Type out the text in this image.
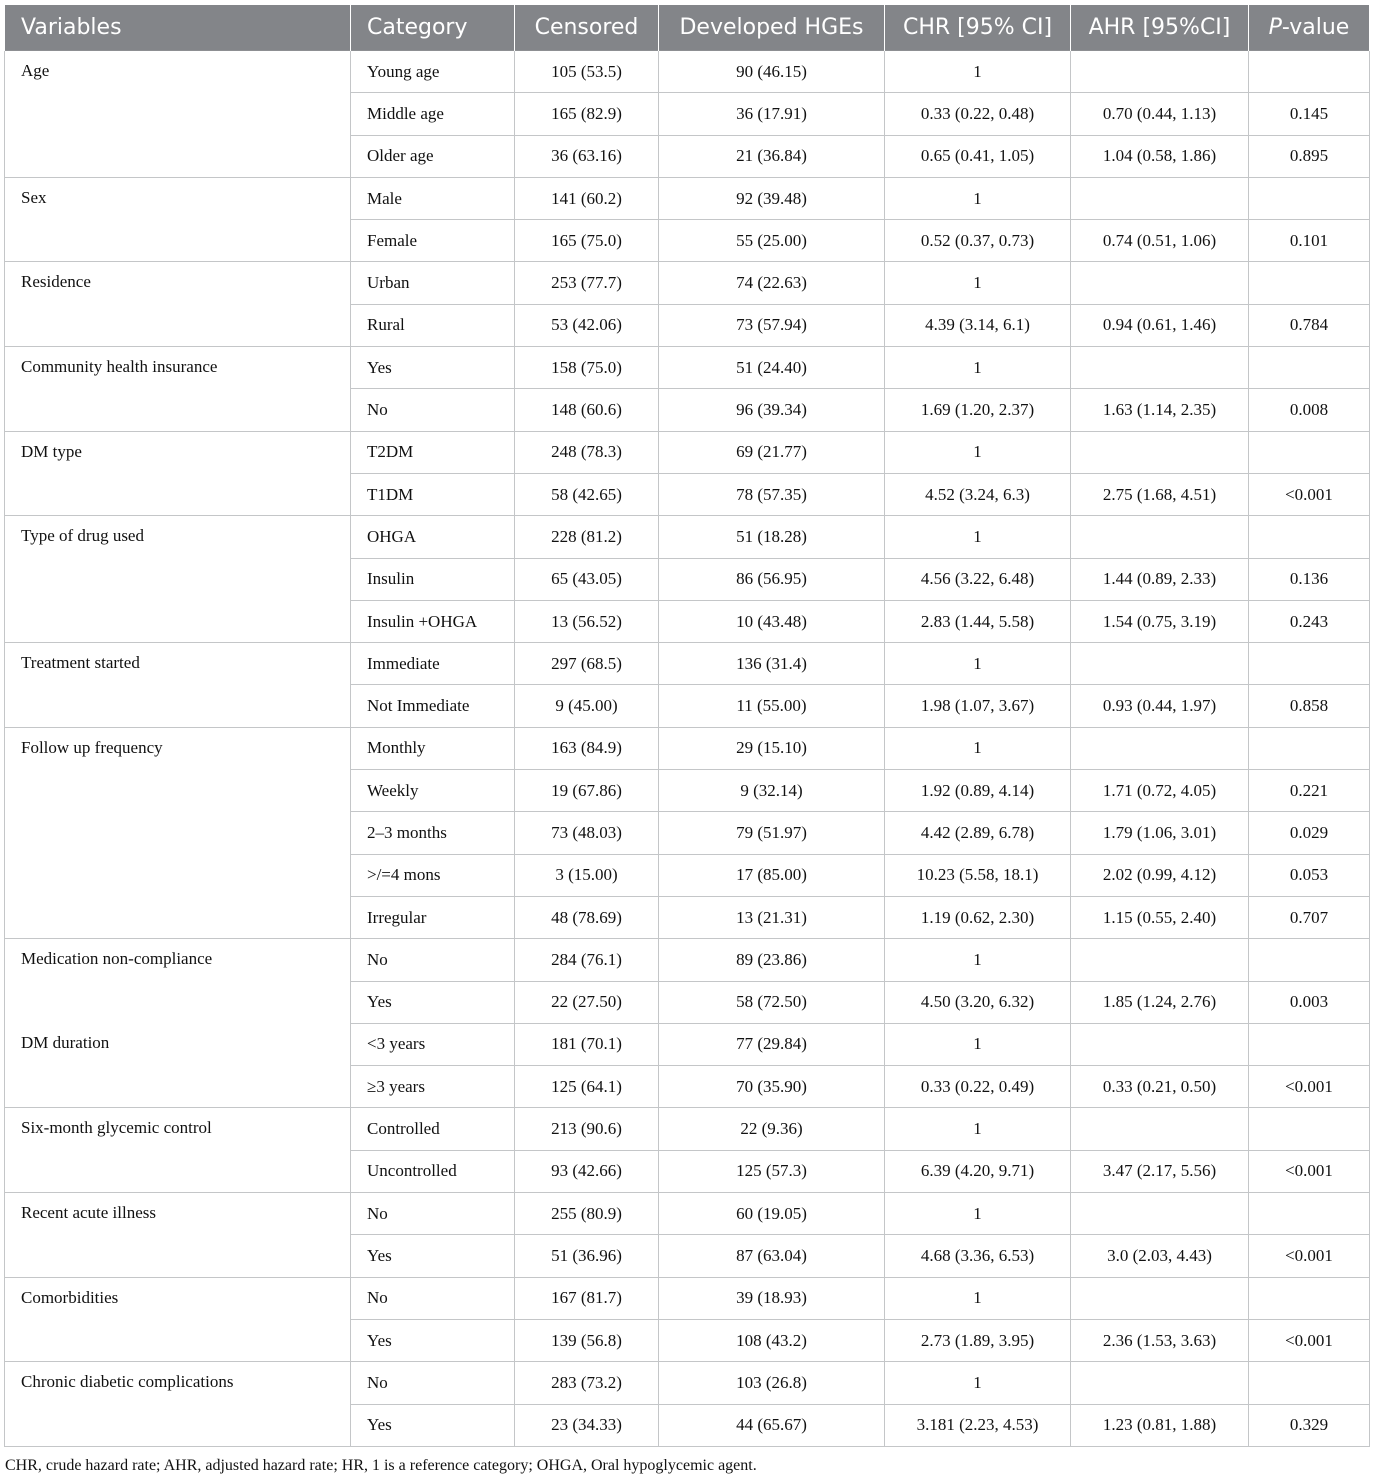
Variables	Category	Censored	Developed HGEs	CHR [95% CI]	AHR [95%CI]	P-value
Age	Young age	105 (53.5)	90 (46.15)	1		
	Middle age	165 (82.9)	36 (17.91)	0.33 (0.22, 0.48)	0.70 (0.44, 1.13)	0.145
	Older age	36 (63.16)	21 (36.84)	0.65 (0.41, 1.05)	1.04 (0.58, 1.86)	0.895
Sex	Male	141 (60.2)	92 (39.48)	1		
	Female	165 (75.0)	55 (25.00)	0.52 (0.37, 0.73)	0.74 (0.51, 1.06)	0.101
Residence	Urban	253 (77.7)	74 (22.63)	1		
	Rural	53 (42.06)	73 (57.94)	4.39 (3.14, 6.1)	0.94 (0.61, 1.46)	0.784
Community health insurance	Yes	158 (75.0)	51 (24.40)	1		
	No	148 (60.6)	96 (39.34)	1.69 (1.20, 2.37)	1.63 (1.14, 2.35)	0.008
DM type	T2DM	248 (78.3)	69 (21.77)	1		
	T1DM	58 (42.65)	78 (57.35)	4.52 (3.24, 6.3)	2.75 (1.68, 4.51)	<0.001
Type of drug used	OHGA	228 (81.2)	51 (18.28)	1		
	Insulin	65 (43.05)	86 (56.95)	4.56 (3.22, 6.48)	1.44 (0.89, 2.33)	0.136
	Insulin +OHGA	13 (56.52)	10 (43.48)	2.83 (1.44, 5.58)	1.54 (0.75, 3.19)	0.243
Treatment started	Immediate	297 (68.5)	136 (31.4)	1		
	Not Immediate	9 (45.00)	11 (55.00)	1.98 (1.07, 3.67)	0.93 (0.44, 1.97)	0.858
Follow up frequency	Monthly	163 (84.9)	29 (15.10)	1		
	Weekly	19 (67.86)	9 (32.14)	1.92 (0.89, 4.14)	1.71 (0.72, 4.05)	0.221
	2–3 months	73 (48.03)	79 (51.97)	4.42 (2.89, 6.78)	1.79 (1.06, 3.01)	0.029
	>/=4 mons	3 (15.00)	17 (85.00)	10.23 (5.58, 18.1)	2.02 (0.99, 4.12)	0.053
	Irregular	48 (78.69)	13 (21.31)	1.19 (0.62, 2.30)	1.15 (0.55, 2.40)	0.707
Medication non-compliance	No	284 (76.1)	89 (23.86)	1		
	Yes	22 (27.50)	58 (72.50)	4.50 (3.20, 6.32)	1.85 (1.24, 2.76)	0.003
DM duration	<3 years	181 (70.1)	77 (29.84)	1		
	≥3 years	125 (64.1)	70 (35.90)	0.33 (0.22, 0.49)	0.33 (0.21, 0.50)	<0.001
Six-month glycemic control	Controlled	213 (90.6)	22 (9.36)	1		
	Uncontrolled	93 (42.66)	125 (57.3)	6.39 (4.20, 9.71)	3.47 (2.17, 5.56)	<0.001
Recent acute illness	No	255 (80.9)	60 (19.05)	1		
	Yes	51 (36.96)	87 (63.04)	4.68 (3.36, 6.53)	3.0 (2.03, 4.43)	<0.001
Comorbidities	No	167 (81.7)	39 (18.93)	1		
	Yes	139 (56.8)	108 (43.2)	2.73 (1.89, 3.95)	2.36 (1.53, 3.63)	<0.001
Chronic diabetic complications	No	283 (73.2)	103 (26.8)	1		
	Yes	23 (34.33)	44 (65.67)	3.181 (2.23, 4.53)	1.23 (0.81, 1.88)	0.329
CHR, crude hazard rate; AHR, adjusted hazard rate; HR, 1 is a reference category; OHGA, Oral hypoglycemic agent.
